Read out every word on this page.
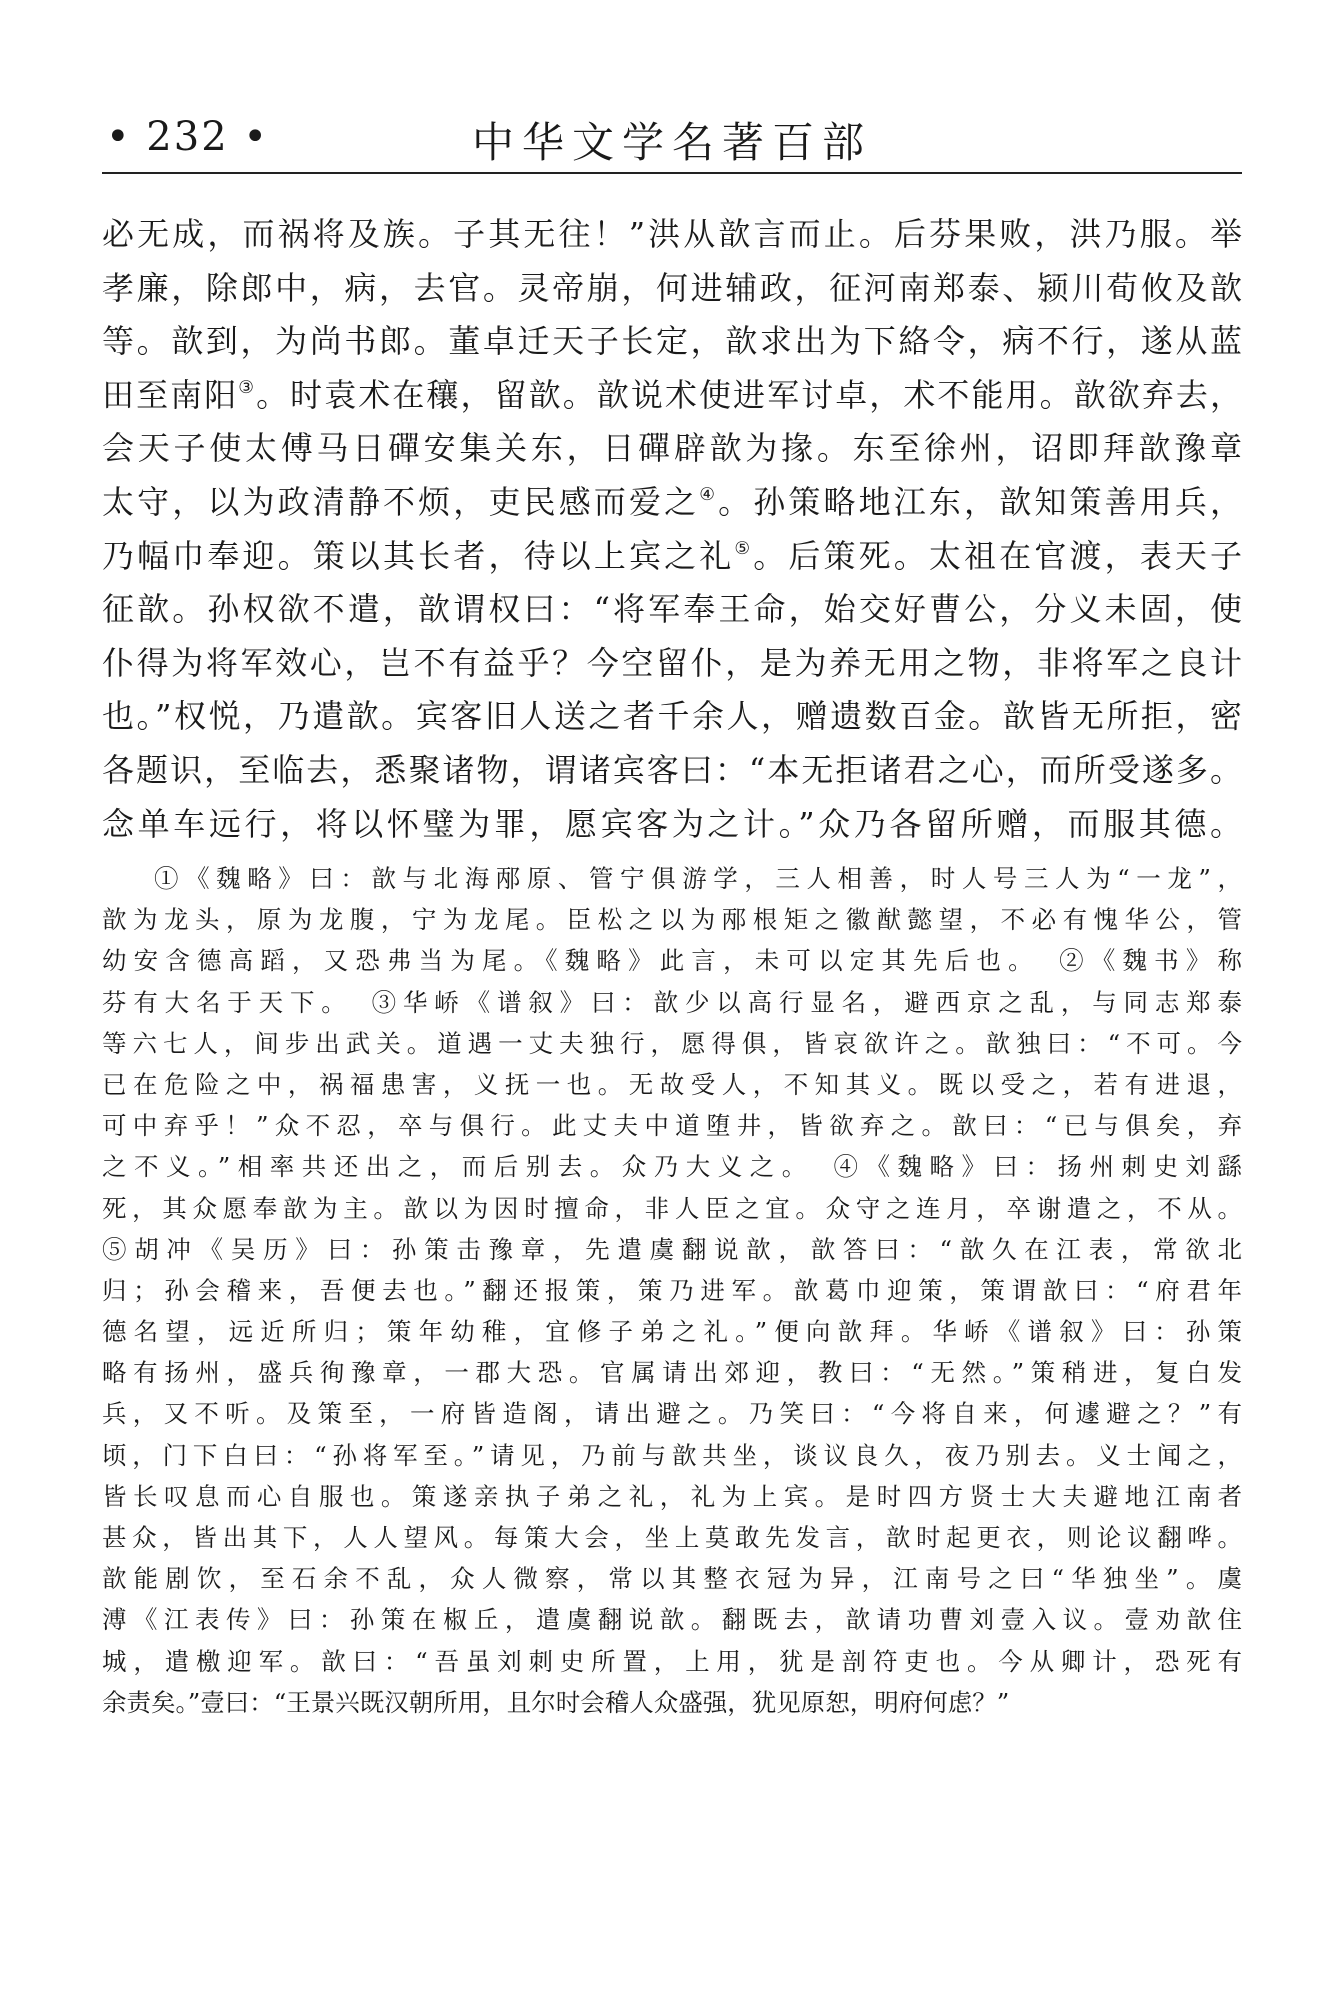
• 232 •	中华文学名著百部
必无成，而祸将及族。子其无往！”洪从歆言而止。后芬果败，洪乃服。举
孝廉，除郎中，病，去官。灵帝崩，何进辅政，征河南郑泰、颍川荀攸及歆
等。歆到，为尚书郎。董卓迁天子长定，歆求出为下絡令，病不行，遂从蓝
田至南阳③。时袁术在穰，留歆。歆说术使进军讨卓，术不能用。歆欲弃去，
会天子使太傅马日磾安集关东，日磾辟歆为掾。东至徐州，诏即拜歆豫章
太守，以为政清静不烦，吏民感而爱之④。孙策略地江东，歆知策善用兵，
乃幅巾奉迎。策以其长者，待以上宾之礼⑤。后策死。太祖在官渡，表天子
征歆。孙权欲不遣，歆谓权曰：“将军奉王命，始交好曹公，分义未固，使
仆得为将军效心，岂不有益乎？今空留仆，是为养无用之物，非将军之良计
也。”权悦，乃遣歆。宾客旧人送之者千余人，赠遗数百金。歆皆无所拒，密
各题识，至临去，悉聚诸物，谓诸宾客曰：“本无拒诸君之心，而所受遂多。
念单车远行，将以怀璧为罪，愿宾客为之计。”众乃各留所赠，而服其德。
①《魏略》曰：歆与北海邴原、管宁俱游学，三人相善，时人号三人为“一龙”，
歆为龙头，原为龙腹，宁为龙尾。臣松之以为邴根矩之徽猷懿望，不必有愧华公，管
幼安含德高蹈，又恐弗当为尾。《魏略》此言，未可以定其先后也。　②《魏书》称
芬有大名于天下。　③华峤《谱叙》曰：歆少以高行显名，避西京之乱，与同志郑泰
等六七人，间步出武关。道遇一丈夫独行，愿得俱，皆哀欲许之。歆独曰：“不可。今
已在危险之中，祸福患害，义抚一也。无故受人，不知其义。既以受之，若有进退，
可中弃乎！”众不忍，卒与俱行。此丈夫中道堕井，皆欲弃之。歆曰：“已与俱矣，弃
之不义。”相率共还出之，而后别去。众乃大义之。　④《魏略》曰：扬州刺史刘繇
死，其众愿奉歆为主。歆以为因时擅命，非人臣之宜。众守之连月，卒谢遣之，不从。
⑤胡冲《吴历》曰：孙策击豫章，先遣虞翻说歆，歆答曰：“歆久在江表，常欲北
归；孙会稽来，吾便去也。”翻还报策，策乃进军。歆葛巾迎策，策谓歆曰：“府君年
德名望，远近所归；策年幼稚，宜修子弟之礼。”便向歆拜。华峤《谱叙》曰：孙策
略有扬州，盛兵徇豫章，一郡大恐。官属请出郊迎，教曰：“无然。”策稍进，复白发
兵，又不听。及策至，一府皆造阁，请出避之。乃笑曰：“今将自来，何遽避之？”有
顷，门下白曰：“孙将军至。”请见，乃前与歆共坐，谈议良久，夜乃别去。义士闻之，
皆长叹息而心自服也。策遂亲执子弟之礼，礼为上宾。是时四方贤士大夫避地江南者
甚众，皆出其下，人人望风。每策大会，坐上莫敢先发言，歆时起更衣，则论议翻哗。
歆能剧饮，至石余不乱，众人微察，常以其整衣冠为异，江南号之曰“华独坐”。虞
溥《江表传》曰：孙策在椒丘，遣虞翻说歆。翻既去，歆请功曹刘壹入议。壹劝歆住
城，遣檄迎军。歆曰：“吾虽刘刺史所置，上用，犹是剖符吏也。今从卿计，恐死有
余责矣。”壹曰：“王景兴既汉朝所用，且尔时会稽人众盛强，犹见原恕，明府何虑？”
